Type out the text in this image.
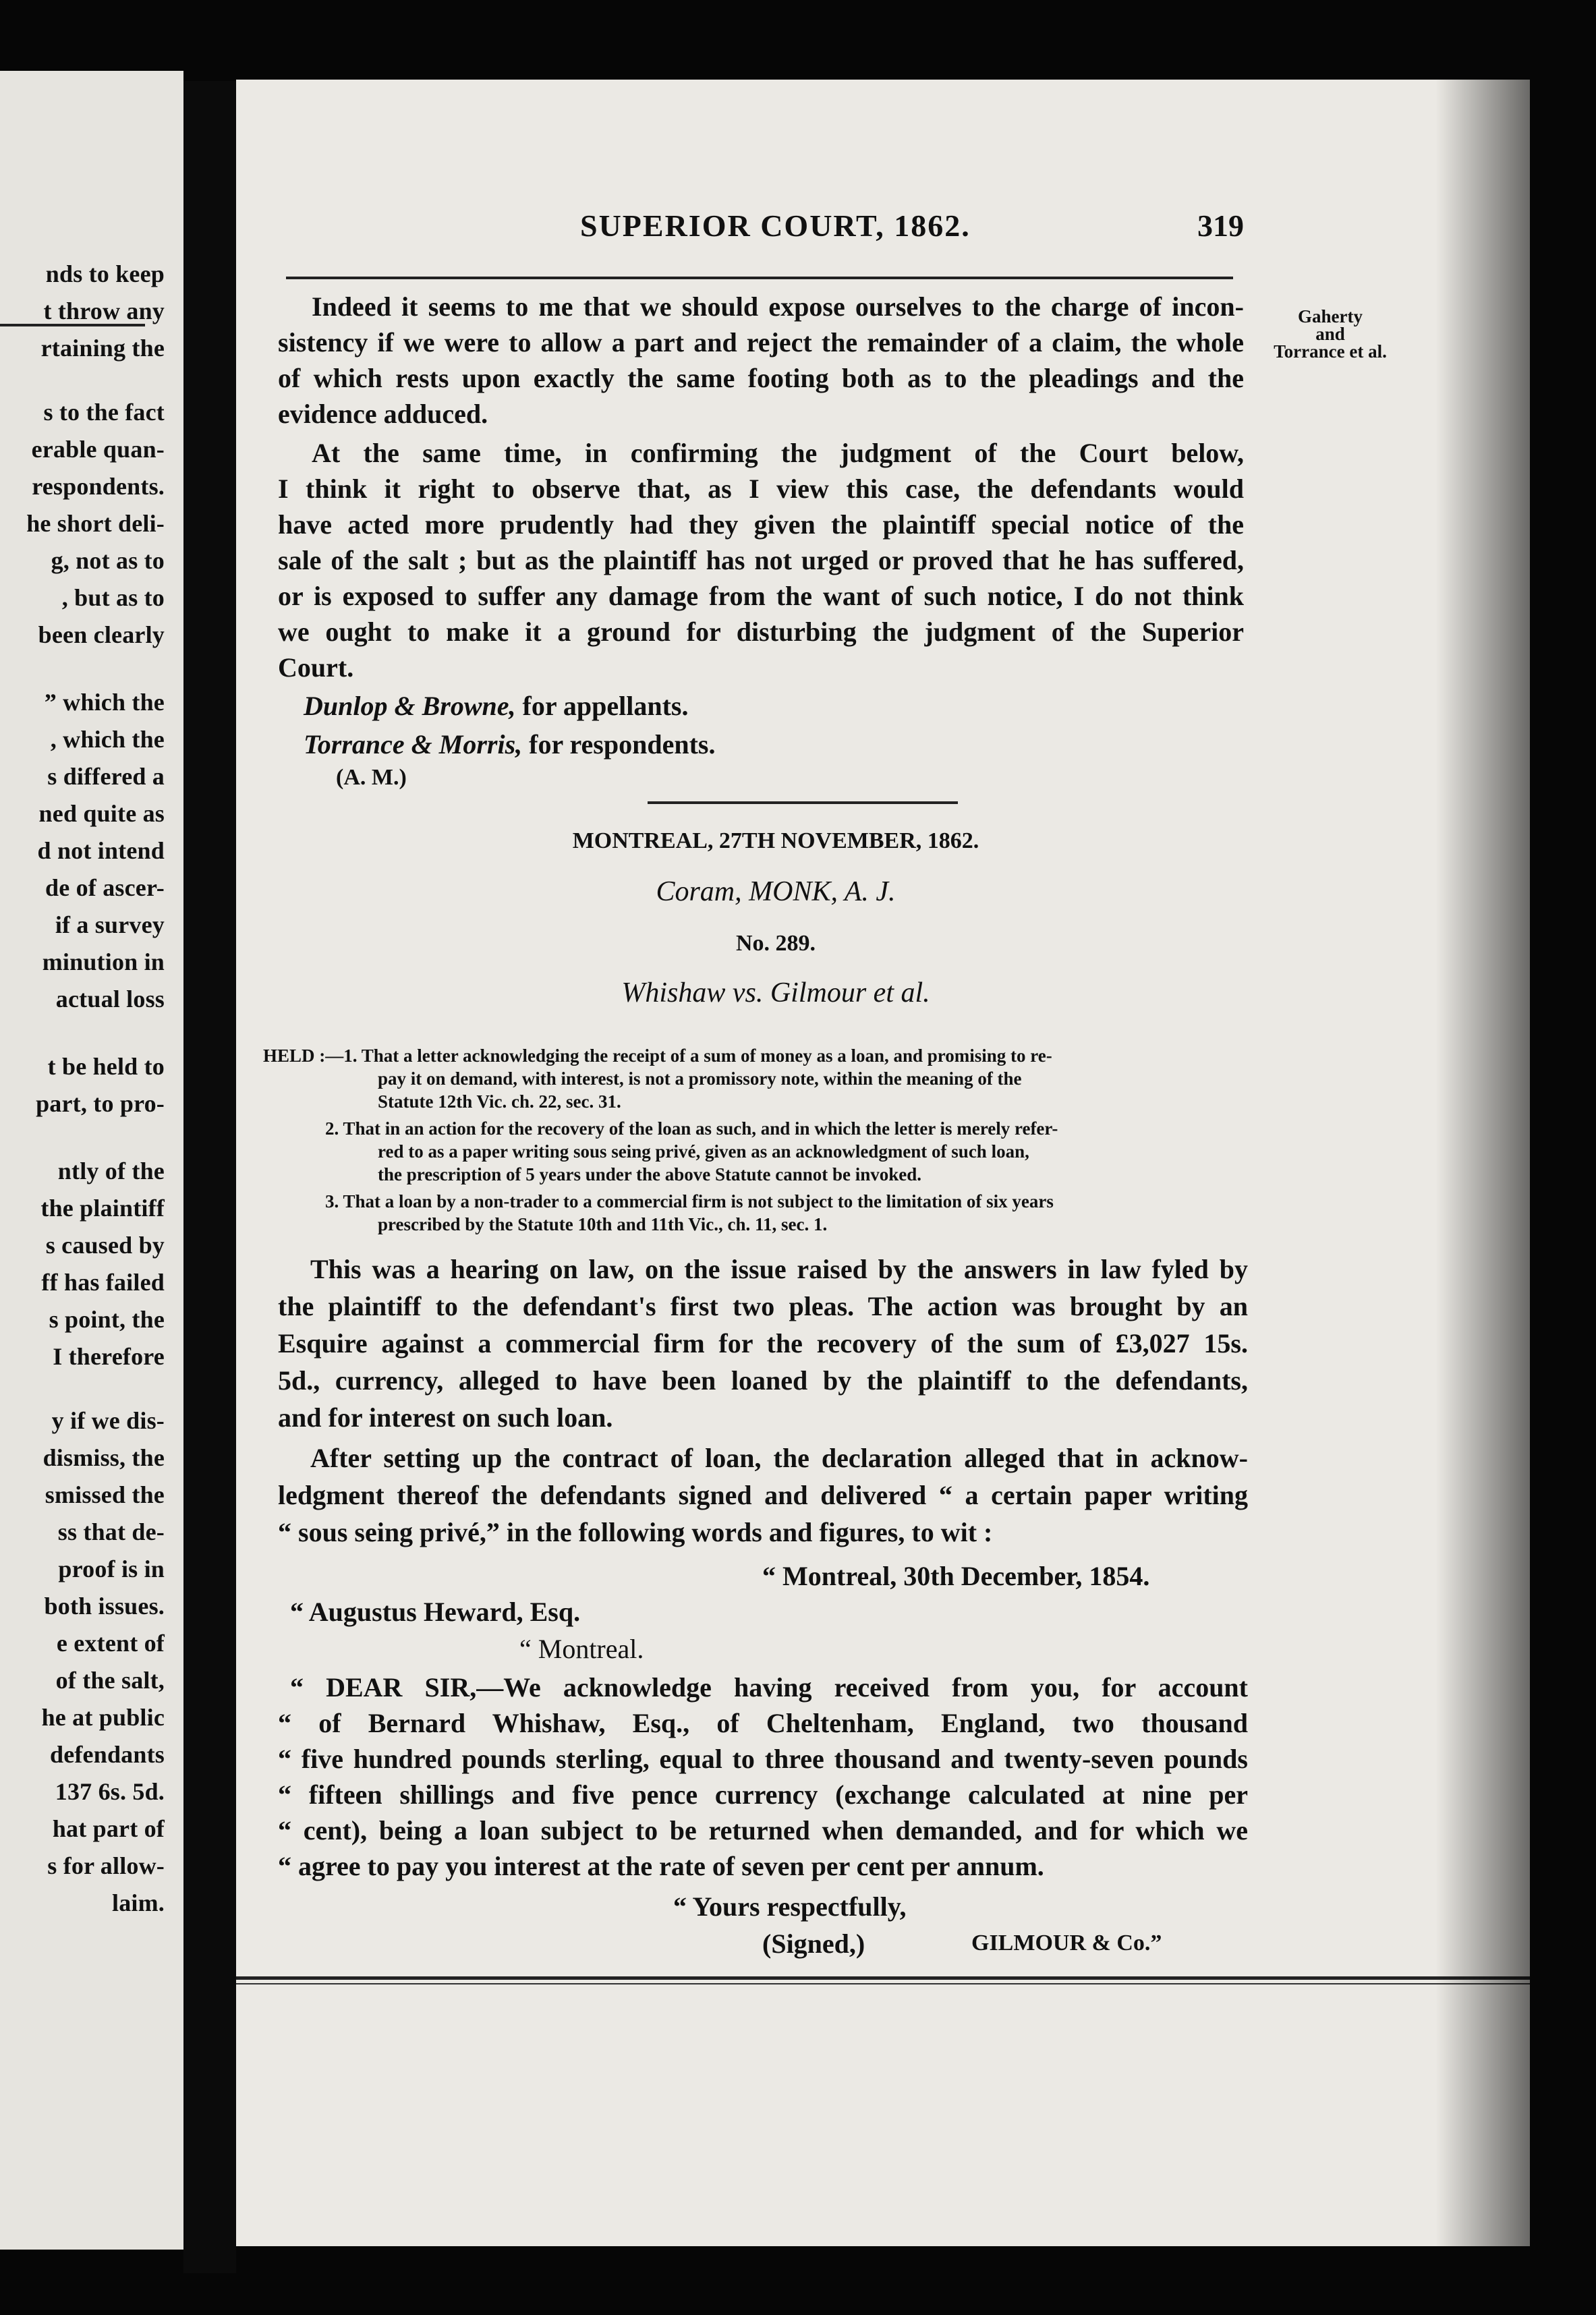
nds to keep
t throw any
rtaining the
s to the fact
erable quan-
respondents.
he short deli-
g, not as to
, but as to
been clearly
” which the
, which the
s differed a
ned quite as
d not intend
de of ascer-
if a survey
minution in
actual loss
t be held to
part, to pro-
ntly of the
the plaintiff
s caused by
ff has failed
s point, the
I therefore
y if we dis-
dismiss, the
smissed the
ss that de-
proof is in
both issues.
e extent of
of the salt,
he at public
defendants
137 6s. 5d.
hat part of
s for allow-
laim.
SUPERIOR COURT, 1862.	319
Gaherty
and
Torrance et al.
Indeed it seems to me that we should expose ourselves to the charge of incon-
sistency if we were to allow a part and reject the remainder of a claim, the whole
of which rests upon exactly the same footing both as to the pleadings and the
evidence adduced.
At the same time, in confirming the judgment of the Court below,
I think it right to observe that, as I view this case, the defendants would
have acted more prudently had they given the plaintiff special notice of the
sale of the salt ; but as the plaintiff has not urged or proved that he has suffered,
or is exposed to suffer any damage from the want of such notice, I do not think
we ought to make it a ground for disturbing the judgment of the Superior
Court.
Dunlop & Browne, for appellants.
Torrance & Morris, for respondents.
(A. M.)
MONTREAL, 27TH NOVEMBER, 1862.
Coram, MONK, A. J.
No. 289.
Whishaw vs. Gilmour et al.
HELD :—1. That a letter acknowledging the receipt of a sum of money as a loan, and promising to re-
pay it on demand, with interest, is not a promissory note, within the meaning of the
Statute 12th Vic. ch. 22, sec. 31.
2. That in an action for the recovery of the loan as such, and in which the letter is merely refer-
red to as a paper writing sous seing privé, given as an acknowledgment of such loan,
the prescription of 5 years under the above Statute cannot be invoked.
3. That a loan by a non-trader to a commercial firm is not subject to the limitation of six years
prescribed by the Statute 10th and 11th Vic., ch. 11, sec. 1.
This was a hearing on law, on the issue raised by the answers in law fyled by
the plaintiff to the defendant's first two pleas. The action was brought by an
Esquire against a commercial firm for the recovery of the sum of £3,027 15s.
5d., currency, alleged to have been loaned by the plaintiff to the defendants,
and for interest on such loan.
After setting up the contract of loan, the declaration alleged that in acknow-
ledgment thereof the defendants signed and delivered “ a certain paper writing
“ sous seing privé,” in the following words and figures, to wit :
“ Montreal, 30th December, 1854.
“ Augustus Heward, Esq.
“ Montreal.
“ DEAR SIR,—We acknowledge having received from you, for account
“ of Bernard Whishaw, Esq., of Cheltenham, England, two thousand
“ five hundred pounds sterling, equal to three thousand and twenty-seven pounds
“ fifteen shillings and five pence currency (exchange calculated at nine per
“ cent), being a loan subject to be returned when demanded, and for which we
“ agree to pay you interest at the rate of seven per cent per annum.
“ Yours respectfully,
(Signed,)	GILMOUR & Co.”
